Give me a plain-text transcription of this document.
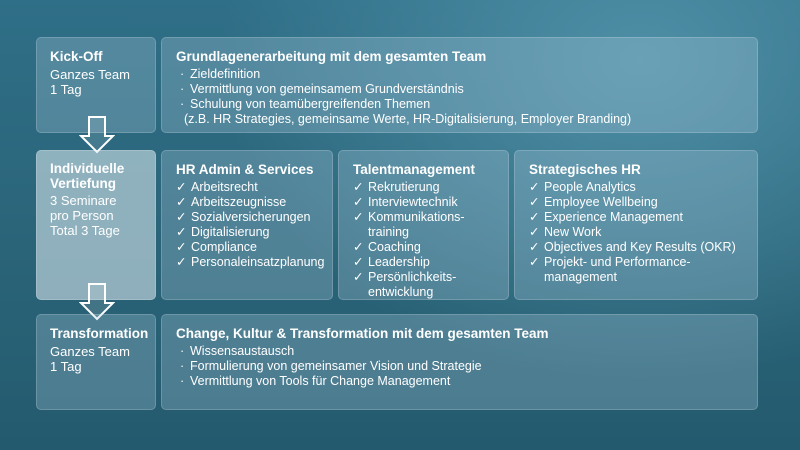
Kick-Off
Ganzes Team
1 Tag
Grundlagenerarbeitung mit dem gesamten Team
· Zieldefinition
· Vermittlung von gemeinsamem Grundverständnis
· Schulung von teamübergreifenden Themen
(z.B. HR Strategies, gemeinsame Werte, HR-Digitalisierung, Employer Branding)
Individuelle
Vertiefung
3 Seminare
pro Person
Total 3 Tage
HR Admin & Services
✓ Arbeitsrecht
✓ Arbeitszeugnisse
✓ Sozialversicherungen
✓ Digitalisierung
✓ Compliance
✓ Personaleinsatzplanung
Talentmanagement
✓ Rekrutierung
✓ Interviewtechnik
✓ Kommunikations-
training
✓ Coaching
✓ Leadership
✓ Persönlichkeits-
entwicklung
Strategisches HR
✓ People Analytics
✓ Employee Wellbeing
✓ Experience Management
✓ New Work
✓ Objectives and Key Results (OKR)
✓ Projekt- und Performance-
management
Transformation
Ganzes Team
1 Tag
Change, Kultur & Transformation mit dem gesamten Team
· Wissensaustausch
· Formulierung von gemeinsamer Vision und Strategie
· Vermittlung von Tools für Change Management
